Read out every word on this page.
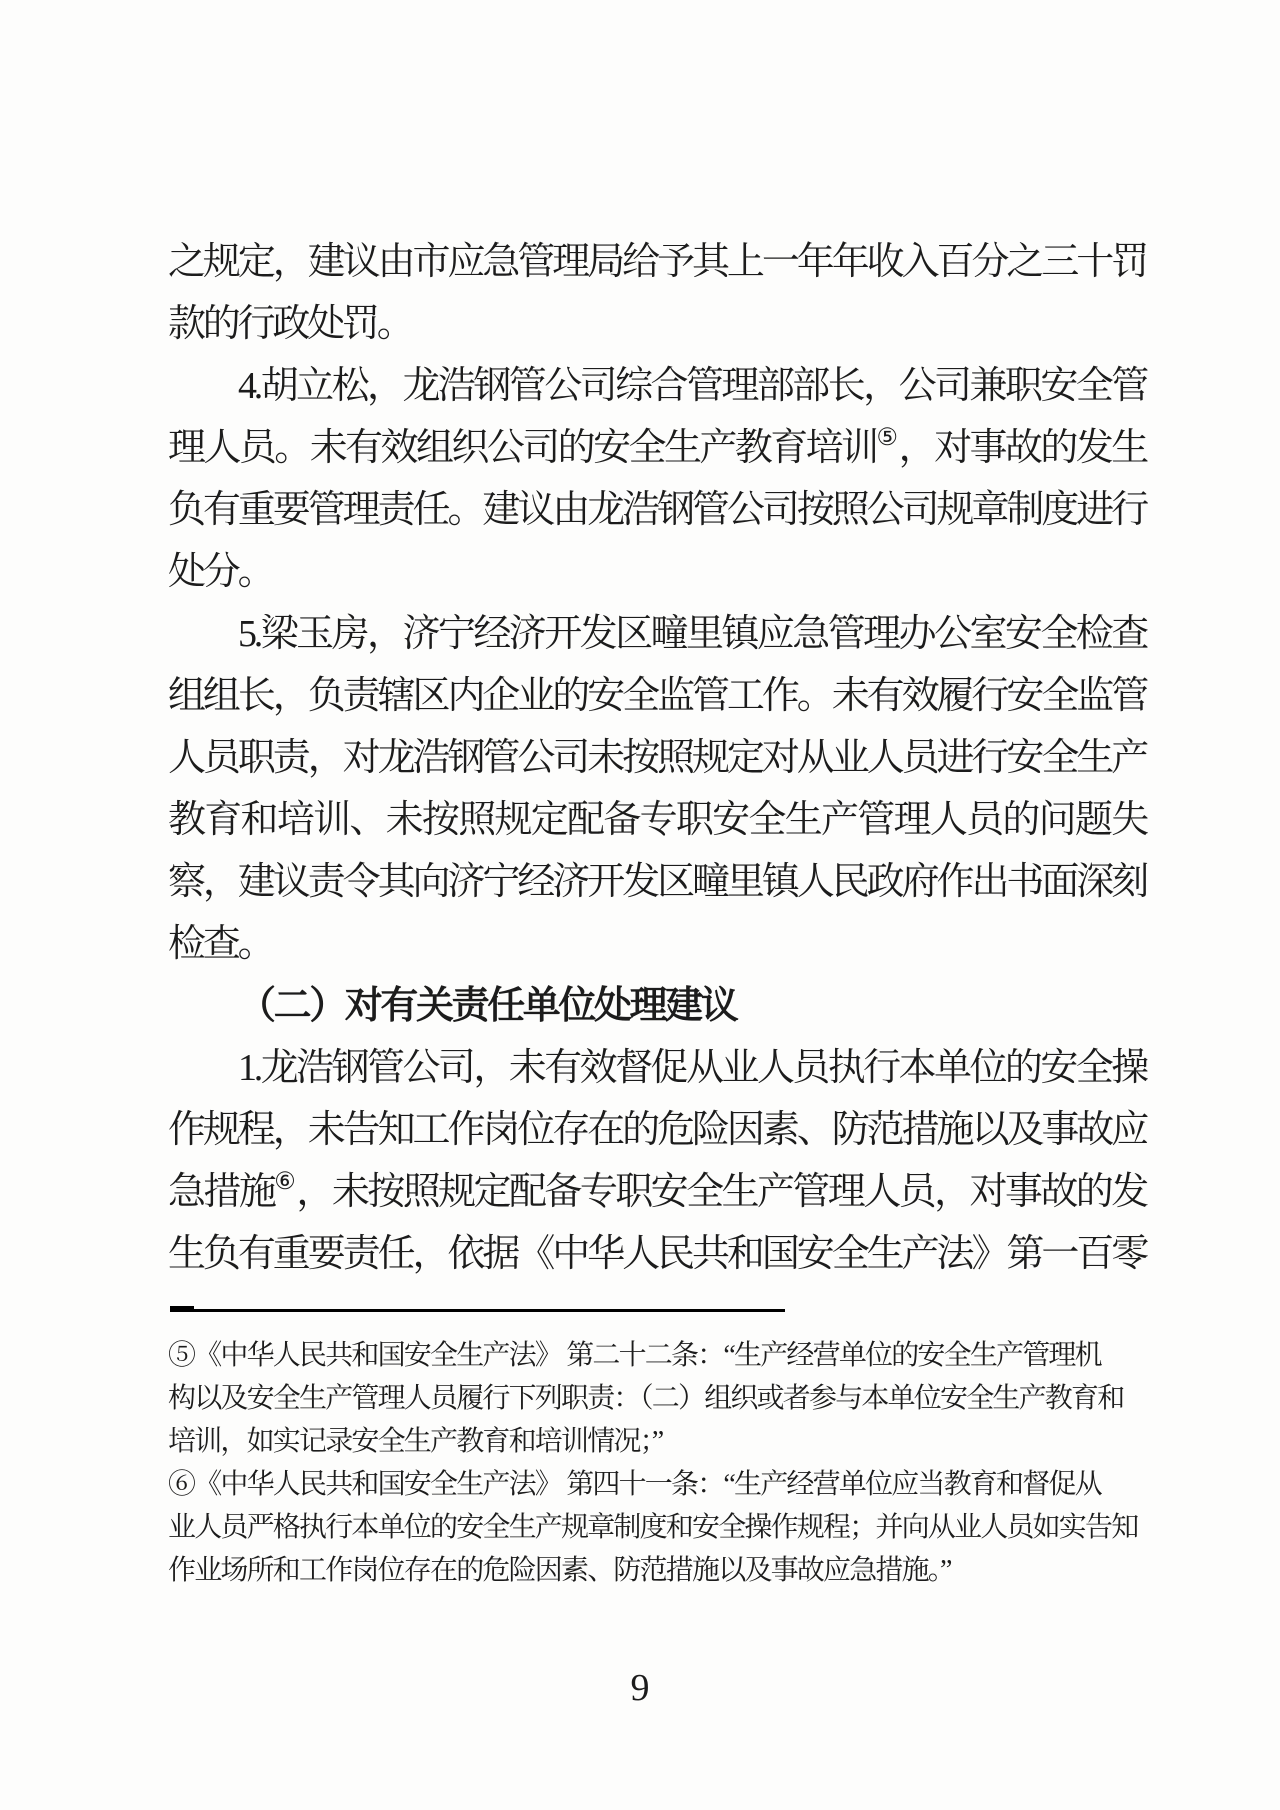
之规定，建议由市应急管理局给予其上一年年收入百分之三十罚
款的行政处罚。
4.胡立松，龙浩钢管公司综合管理部部长，公司兼职安全管
理人员。未有效组织公司的安全生产教育培训⑤，对事故的发生
负有重要管理责任。建议由龙浩钢管公司按照公司规章制度进行
处分。
5.梁玉房，济宁经济开发区疃里镇应急管理办公室安全检查
组组长，负责辖区内企业的安全监管工作。未有效履行安全监管
人员职责，对龙浩钢管公司未按照规定对从业人员进行安全生产
教育和培训、未按照规定配备专职安全生产管理人员的问题失
察，建议责令其向济宁经济开发区疃里镇人民政府作出书面深刻
检查。
（二）对有关责任单位处理建议
1.龙浩钢管公司，未有效督促从业人员执行本单位的安全操
作规程，未告知工作岗位存在的危险因素、防范措施以及事故应
急措施⑥，未按照规定配备专职安全生产管理人员，对事故的发
生负有重要责任，依据《中华人民共和国安全生产法》第一百零
⑤《中华人民共和国安全生产法》 第二十二条：“生产经营单位的安全生产管理机
构以及安全生产管理人员履行下列职责：（二）组织或者参与本单位安全生产教育和
培训，如实记录安全生产教育和培训情况；”
⑥《中华人民共和国安全生产法》 第四十一条：“生产经营单位应当教育和督促从
业人员严格执行本单位的安全生产规章制度和安全操作规程；并向从业人员如实告知
作业场所和工作岗位存在的危险因素、防范措施以及事故应急措施。”
9
